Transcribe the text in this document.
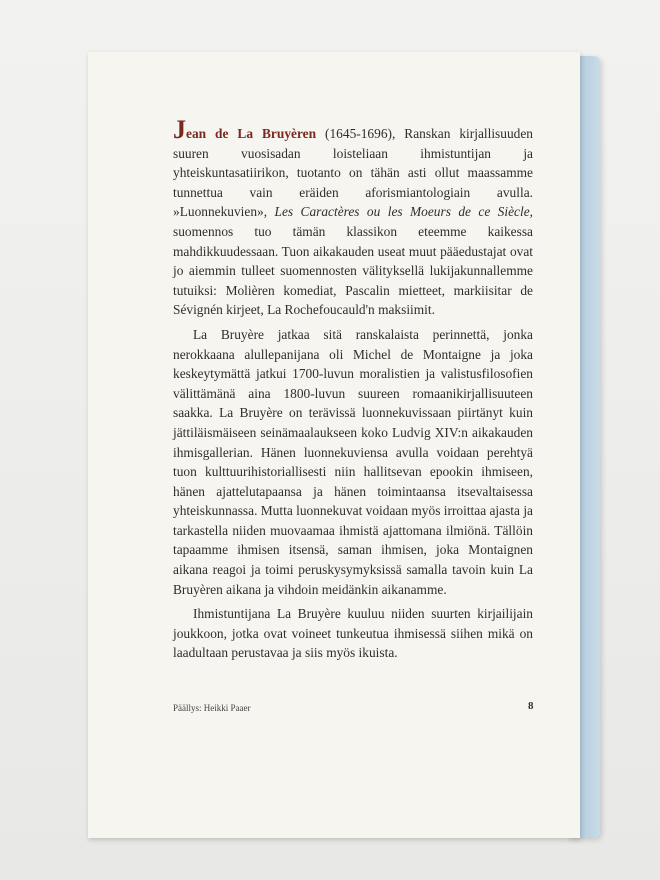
Jean de La Bruyèren (1645-1696), Ranskan kirjallisuuden suuren vuosisadan loisteliaan ihmistuntijan ja yhteiskuntasatiirikon, tuotanto on tähän asti ollut maassamme tunnettua vain eräiden aforismiantologiain avulla. »Luonnekuvien», Les Caractères ou les Moeurs de ce Siècle, suomennos tuo tämän klassikon eteemme kaikessa mahdikkuudessaan. Tuon aikakauden useat muut pääedustajat ovat jo aiemmin tulleet suomennosten välityksellä lukijakunnallemme tutuiksi: Molièren komediat, Pascalin mietteet, markiisitar de Sévignén kirjeet, La Rochefoucauld'n maksiimit.

La Bruyère jatkaa sitä ranskalaista perinnettä, jonka nerokkaana alullepanijana oli Michel de Montaigne ja joka keskeytymättä jatkui 1700-luvun moralistien ja valistusfilosofien välittämänä aina 1800-luvun suureen romaanikirjallisuuteen saakka. La Bruyère on terävissä luonnekuvissaan piirtänyt kuin jättiläismäiseen seinämaalaukseen koko Ludvig XIV:n aikakauden ihmisgallerian. Hänen luonnekuviensa avulla voidaan perehtyä tuon kulttuurihistoriallisesti niin hallitsevan epookin ihmiseen, hänen ajattelutapaansa ja hänen toimintaansa itsevaltaisessa yhteiskunnassa. Mutta luonnekuvat voidaan myös irroittaa ajasta ja tarkastella niiden muovaamaa ihmistä ajattomana ilmiönä. Tällöin tapaamme ihmisen itsensä, saman ihmisen, joka Montaignen aikana reagoi ja toimi peruskysymyksissä samalla tavoin kuin La Bruyèren aikana ja vihdoin meidänkin aikanamme.

Ihmistuntijana La Bruyère kuuluu niiden suurten kirjailijain joukkoon, jotka ovat voineet tunkeutua ihmisessä siihen mikä on laadultaan perustavaa ja siis myös ikuista.

Päällys: Heikki Paaer	8
